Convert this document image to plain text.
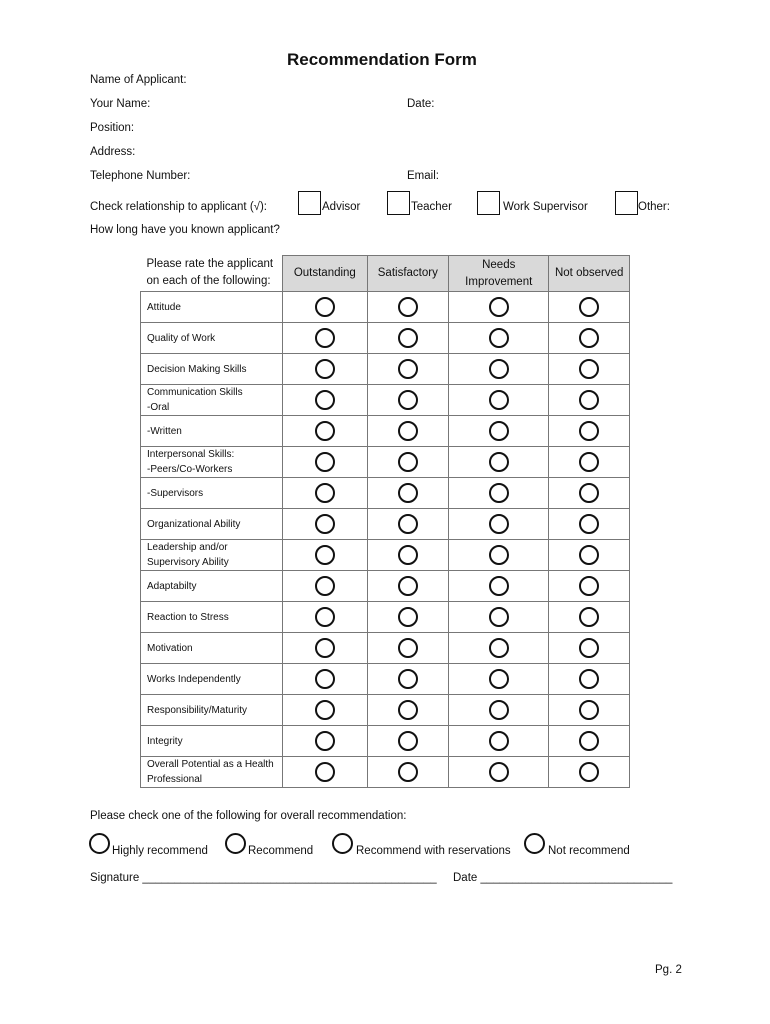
Recommendation Form
Name of Applicant:
Your Name:	Date:
Position:
Address:
Telephone Number:	Email:
Check relationship to applicant (√):	Advisor	Teacher	Work Supervisor	Other:
How long have you known applicant?
Please rate the applicant
on each of the following:	Outstanding	Satisfactory	Needs Improvement	Not observed
Attitude	

Quality of Work	

Decision Making Skills	

Communication Skills
-Oral	

-Written	

Interpersonal Skills:
-Peers/Co-Workers	

-Supervisors	

Organizational Ability	

Leadership and/or
Supervisory Ability	

Adaptabilty	

Reaction to Stress	

Motivation	

Works Independently	

Responsibility/Maturity	

Integrity	

Overall Potential as a Health
Professional	

Please check one of the following for overall recommendation:
Highly recommend	Recommend	Recommend with reservations	Not recommend
Signature ______________________________________________ Date ______________________________
Pg. 2
